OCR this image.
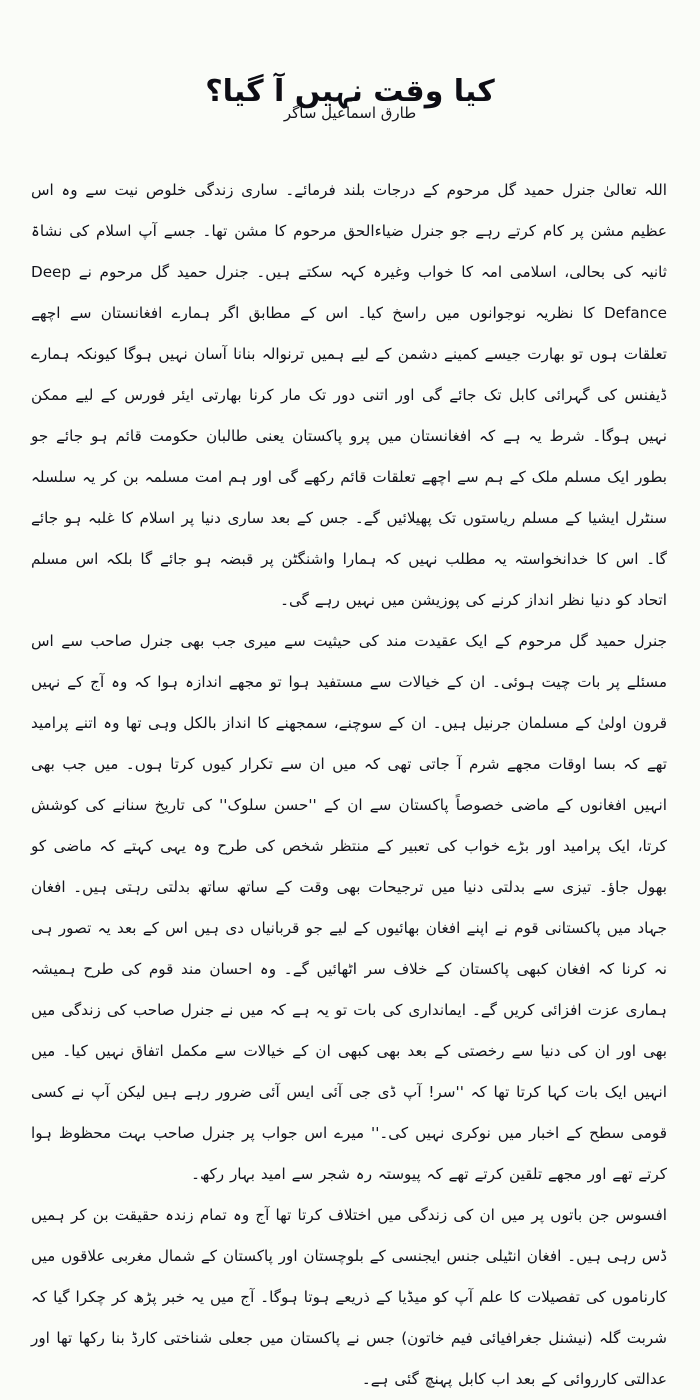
کیا وقت نہیں آ گیا؟
طارق اسماعیل ساگر

اللہ تعالیٰ جنرل حمید گل مرحوم کے درجات بلند فرمائے۔ ساری زندگی خلوص نیت سے وہ اس عظیم مشن پر کام کرتے رہے جو جنرل ضیاءالحق مرحوم کا مشن تھا۔ جسے آپ اسلام کی نشاۃ ثانیہ کی بحالی، اسلامی امہ کا خواب وغیرہ کہہ سکتے ہیں۔ جنرل حمید گل مرحوم نے Deep Defance کا نظریہ نوجوانوں میں راسخ کیا۔ اس کے مطابق اگر ہمارے افغانستان سے اچھے تعلقات ہوں تو بھارت جیسے کمینے دشمن کے لیے ہمیں ترنوالہ بنانا آسان نہیں ہوگا کیونکہ ہمارے ڈیفنس کی گہرائی کابل تک جائے گی اور اتنی دور تک مار کرنا بھارتی ایئر فورس کے لیے ممکن نہیں ہوگا۔ شرط یہ ہے کہ افغانستان میں پرو پاکستان یعنی طالبان حکومت قائم ہو جائے جو بطور ایک مسلم ملک کے ہم سے اچھے تعلقات قائم رکھے گی اور ہم امت مسلمہ بن کر یہ سلسلہ سنٹرل ایشیا کے مسلم ریاستوں تک پھیلائیں گے۔ جس کے بعد ساری دنیا پر اسلام کا غلبہ ہو جائے گا۔ اس کا خدانخواستہ یہ مطلب نہیں کہ ہمارا واشنگٹن پر قبضہ ہو جائے گا بلکہ اس مسلم اتحاد کو دنیا نظر انداز کرنے کی پوزیشن میں نہیں رہے گی۔

جنرل حمید گل مرحوم کے ایک عقیدت مند کی حیثیت سے میری جب بھی جنرل صاحب سے اس مسئلے پر بات چیت ہوئی۔ ان کے خیالات سے مستفید ہوا تو مجھے اندازہ ہوا کہ وہ آج کے نہیں قرون اولیٰ کے مسلمان جرنیل ہیں۔ ان کے سوچنے، سمجھنے کا انداز بالکل وہی تھا وہ اتنے پرامید تھے کہ بسا اوقات مجھے شرم آ جاتی تھی کہ میں ان سے تکرار کیوں کرتا ہوں۔ میں جب بھی انہیں افغانوں کے ماضی خصوصاً پاکستان سے ان کے ''حسن سلوک'' کی تاریخ سنانے کی کوشش کرتا، ایک پرامید اور بڑے خواب کی تعبیر کے منتظر شخص کی طرح وہ یہی کہتے کہ ماضی کو بھول جاؤ۔ تیزی سے بدلتی دنیا میں ترجیحات بھی وقت کے ساتھ ساتھ بدلتی رہتی ہیں۔ افغان جہاد میں پاکستانی قوم نے اپنے افغان بھائیوں کے لیے جو قربانیاں دی ہیں اس کے بعد یہ تصور ہی نہ کرنا کہ افغان کبھی پاکستان کے خلاف سر اٹھائیں گے۔ وہ احسان مند قوم کی طرح ہمیشہ ہماری عزت افزائی کریں گے۔ ایمانداری کی بات تو یہ ہے کہ میں نے جنرل صاحب کی زندگی میں بھی اور ان کی دنیا سے رخصتی کے بعد بھی کبھی ان کے خیالات سے مکمل اتفاق نہیں کیا۔ میں انہیں ایک بات کہا کرتا تھا کہ ''سر! آپ ڈی جی آئی ایس آئی ضرور رہے ہیں لیکن آپ نے کسی قومی سطح کے اخبار میں نوکری نہیں کی۔'' میرے اس جواب پر جنرل صاحب بہت محظوظ ہوا کرتے تھے اور مجھے تلقین کرتے تھے کہ پیوستہ رہ شجر سے امید بہار رکھ۔

افسوس جن باتوں پر میں ان کی زندگی میں اختلاف کرتا تھا آج وہ تمام زندہ حقیقت بن کر ہمیں ڈس رہی ہیں۔ افغان انٹیلی جنس ایجنسی کے بلوچستان اور پاکستان کے شمال مغربی علاقوں میں کارناموں کی تفصیلات کا علم آپ کو میڈیا کے ذریعے ہوتا ہوگا۔ آج میں یہ خبر پڑھ کر چکرا گیا کہ شربت گلہ (نیشنل جغرافیائی فیم خاتون) جس نے پاکستان میں جعلی شناختی کارڈ بنا رکھا تھا اور عدالتی کارروائی کے بعد اب کابل پہنچ گئی ہے۔
